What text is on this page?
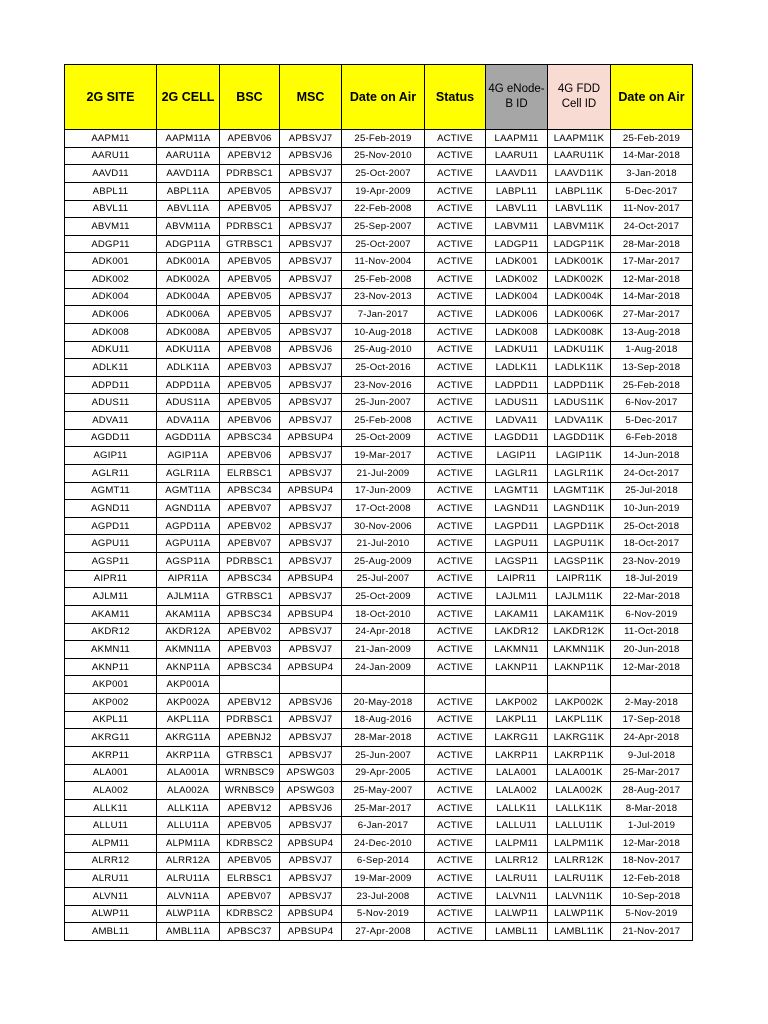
2G SITE	2G CELL	BSC	MSC	Date on Air	Status	4G eNode-B ID	4G FDD Cell ID	Date on Air
AAPM11	AAPM11A	APEBV06	APBSVJ7	25-Feb-2019	ACTIVE	LAAPM11	LAAPM11K	25-Feb-2019
AARU11	AARU11A	APEBV12	APBSVJ6	25-Nov-2010	ACTIVE	LAARU11	LAARU11K	14-Mar-2018
AAVD11	AAVD11A	PDRBSC1	APBSVJ7	25-Oct-2007	ACTIVE	LAAVD11	LAAVD11K	3-Jan-2018
ABPL11	ABPL11A	APEBV05	APBSVJ7	19-Apr-2009	ACTIVE	LABPL11	LABPL11K	5-Dec-2017
ABVL11	ABVL11A	APEBV05	APBSVJ7	22-Feb-2008	ACTIVE	LABVL11	LABVL11K	11-Nov-2017
ABVM11	ABVM11A	PDRBSC1	APBSVJ7	25-Sep-2007	ACTIVE	LABVM11	LABVM11K	24-Oct-2017
ADGP11	ADGP11A	GTRBSC1	APBSVJ7	25-Oct-2007	ACTIVE	LADGP11	LADGP11K	28-Mar-2018
ADK001	ADK001A	APEBV05	APBSVJ7	11-Nov-2004	ACTIVE	LADK001	LADK001K	17-Mar-2017
ADK002	ADK002A	APEBV05	APBSVJ7	25-Feb-2008	ACTIVE	LADK002	LADK002K	12-Mar-2018
ADK004	ADK004A	APEBV05	APBSVJ7	23-Nov-2013	ACTIVE	LADK004	LADK004K	14-Mar-2018
ADK006	ADK006A	APEBV05	APBSVJ7	7-Jan-2017	ACTIVE	LADK006	LADK006K	27-Mar-2017
ADK008	ADK008A	APEBV05	APBSVJ7	10-Aug-2018	ACTIVE	LADK008	LADK008K	13-Aug-2018
ADKU11	ADKU11A	APEBV08	APBSVJ6	25-Aug-2010	ACTIVE	LADKU11	LADKU11K	1-Aug-2018
ADLK11	ADLK11A	APEBV03	APBSVJ7	25-Oct-2016	ACTIVE	LADLK11	LADLK11K	13-Sep-2018
ADPD11	ADPD11A	APEBV05	APBSVJ7	23-Nov-2016	ACTIVE	LADPD11	LADPD11K	25-Feb-2018
ADUS11	ADUS11A	APEBV05	APBSVJ7	25-Jun-2007	ACTIVE	LADUS11	LADUS11K	6-Nov-2017
ADVA11	ADVA11A	APEBV06	APBSVJ7	25-Feb-2008	ACTIVE	LADVA11	LADVA11K	5-Dec-2017
AGDD11	AGDD11A	APBSC34	APBSUP4	25-Oct-2009	ACTIVE	LAGDD11	LAGDD11K	6-Feb-2018
AGIP11	AGIP11A	APEBV06	APBSVJ7	19-Mar-2017	ACTIVE	LAGIP11	LAGIP11K	14-Jun-2018
AGLR11	AGLR11A	ELRBSC1	APBSVJ7	21-Jul-2009	ACTIVE	LAGLR11	LAGLR11K	24-Oct-2017
AGMT11	AGMT11A	APBSC34	APBSUP4	17-Jun-2009	ACTIVE	LAGMT11	LAGMT11K	25-Jul-2018
AGND11	AGND11A	APEBV07	APBSVJ7	17-Oct-2008	ACTIVE	LAGND11	LAGND11K	10-Jun-2019
AGPD11	AGPD11A	APEBV02	APBSVJ7	30-Nov-2006	ACTIVE	LAGPD11	LAGPD11K	25-Oct-2018
AGPU11	AGPU11A	APEBV07	APBSVJ7	21-Jul-2010	ACTIVE	LAGPU11	LAGPU11K	18-Oct-2017
AGSP11	AGSP11A	PDRBSC1	APBSVJ7	25-Aug-2009	ACTIVE	LAGSP11	LAGSP11K	23-Nov-2019
AIPR11	AIPR11A	APBSC34	APBSUP4	25-Jul-2007	ACTIVE	LAIPR11	LAIPR11K	18-Jul-2019
AJLM11	AJLM11A	GTRBSC1	APBSVJ7	25-Oct-2009	ACTIVE	LAJLM11	LAJLM11K	22-Mar-2018
AKAM11	AKAM11A	APBSC34	APBSUP4	18-Oct-2010	ACTIVE	LAKAM11	LAKAM11K	6-Nov-2019
AKDR12	AKDR12A	APEBV02	APBSVJ7	24-Apr-2018	ACTIVE	LAKDR12	LAKDR12K	11-Oct-2018
AKMN11	AKMN11A	APEBV03	APBSVJ7	21-Jan-2009	ACTIVE	LAKMN11	LAKMN11K	20-Jun-2018
AKNP11	AKNP11A	APBSC34	APBSUP4	24-Jan-2009	ACTIVE	LAKNP11	LAKNP11K	12-Mar-2018
AKP001	AKP001A							
AKP002	AKP002A	APEBV12	APBSVJ6	20-May-2018	ACTIVE	LAKP002	LAKP002K	2-May-2018
AKPL11	AKPL11A	PDRBSC1	APBSVJ7	18-Aug-2016	ACTIVE	LAKPL11	LAKPL11K	17-Sep-2018
AKRG11	AKRG11A	APEBNJ2	APBSVJ7	28-Mar-2018	ACTIVE	LAKRG11	LAKRG11K	24-Apr-2018
AKRP11	AKRP11A	GTRBSC1	APBSVJ7	25-Jun-2007	ACTIVE	LAKRP11	LAKRP11K	9-Jul-2018
ALA001	ALA001A	WRNBSC9	APSWG03	29-Apr-2005	ACTIVE	LALA001	LALA001K	25-Mar-2017
ALA002	ALA002A	WRNBSC9	APSWG03	25-May-2007	ACTIVE	LALA002	LALA002K	28-Aug-2017
ALLK11	ALLK11A	APEBV12	APBSVJ6	25-Mar-2017	ACTIVE	LALLK11	LALLK11K	8-Mar-2018
ALLU11	ALLU11A	APEBV05	APBSVJ7	6-Jan-2017	ACTIVE	LALLU11	LALLU11K	1-Jul-2019
ALPM11	ALPM11A	KDRBSC2	APBSUP4	24-Dec-2010	ACTIVE	LALPM11	LALPM11K	12-Mar-2018
ALRR12	ALRR12A	APEBV05	APBSVJ7	6-Sep-2014	ACTIVE	LALRR12	LALRR12K	18-Nov-2017
ALRU11	ALRU11A	ELRBSC1	APBSVJ7	19-Mar-2009	ACTIVE	LALRU11	LALRU11K	12-Feb-2018
ALVN11	ALVN11A	APEBV07	APBSVJ7	23-Jul-2008	ACTIVE	LALVN11	LALVN11K	10-Sep-2018
ALWP11	ALWP11A	KDRBSC2	APBSUP4	5-Nov-2019	ACTIVE	LALWP11	LALWP11K	5-Nov-2019
AMBL11	AMBL11A	APBSC37	APBSUP4	27-Apr-2008	ACTIVE	LAMBL11	LAMBL11K	21-Nov-2017
